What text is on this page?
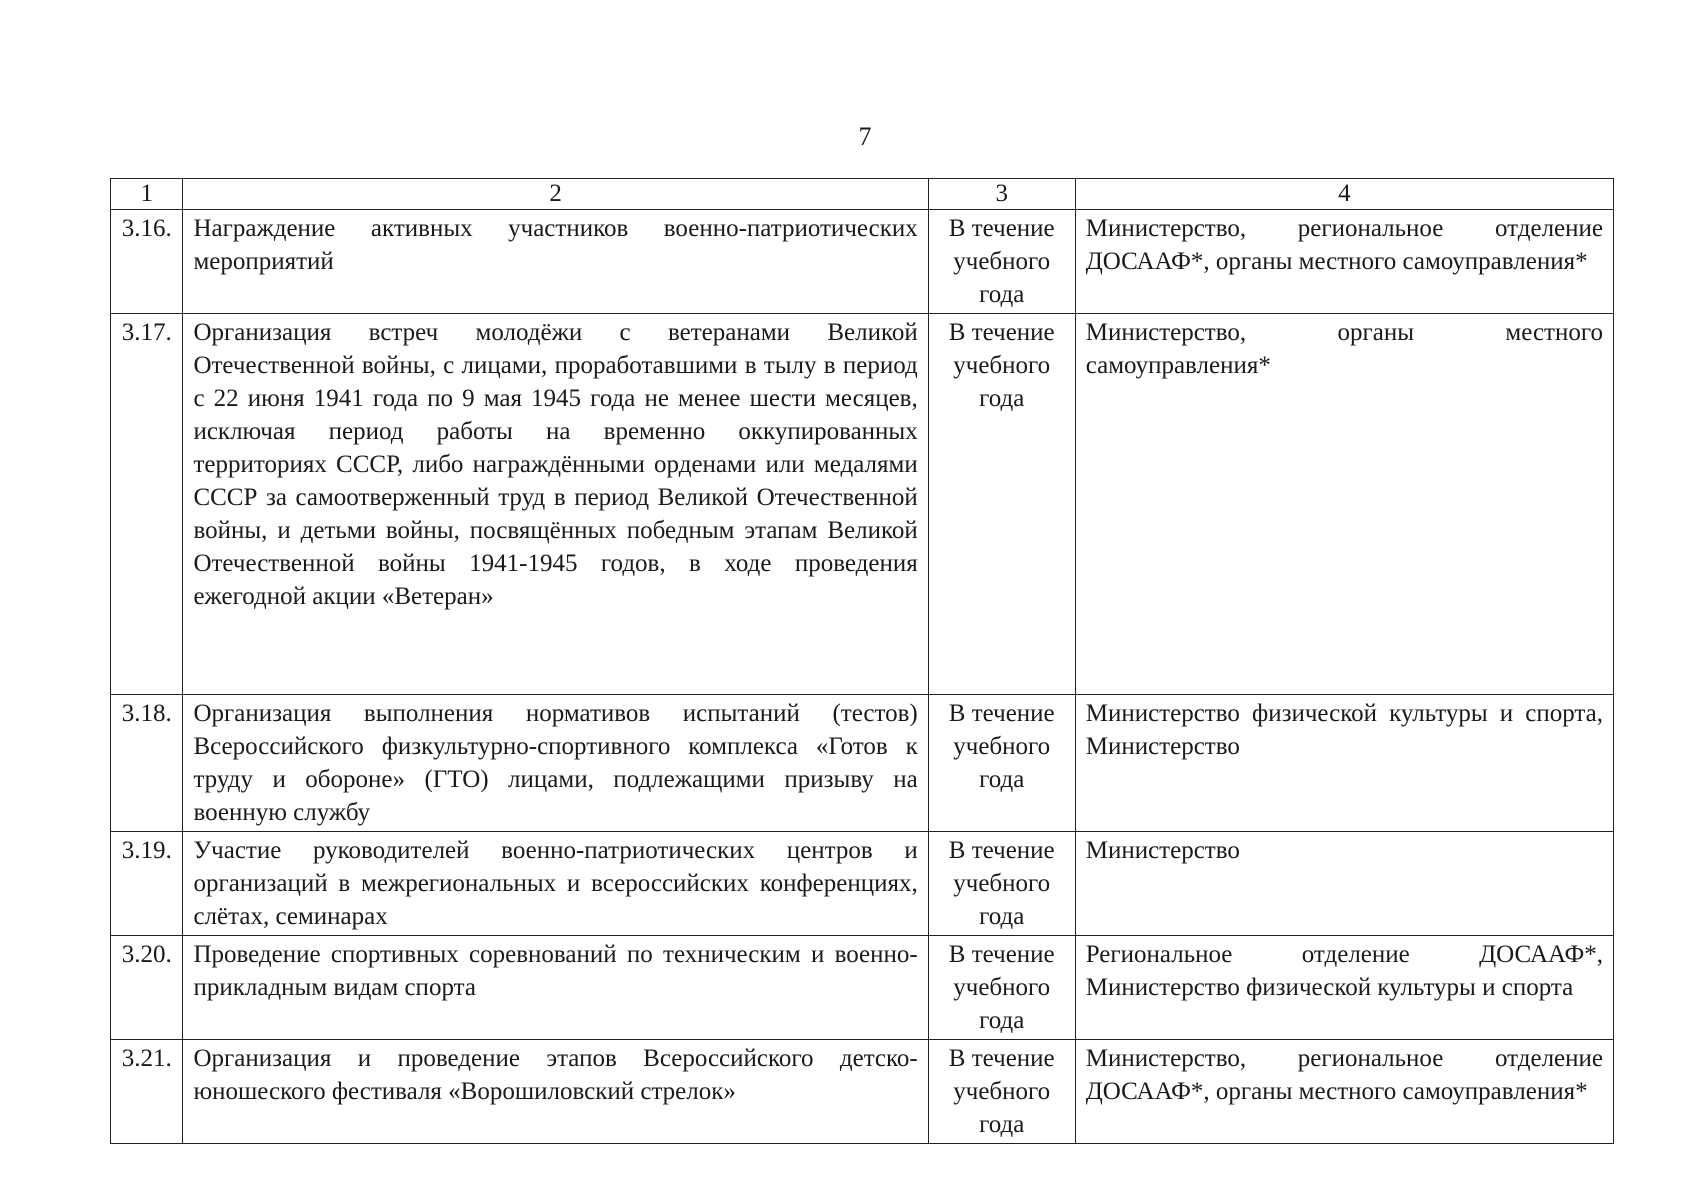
7
1	2	3	4
3.16.	Награждение активных участников военно-патриотических мероприятий	В течение учебного года	Министерство, региональное отделение ДОСААФ*, органы местного самоуправления*
3.17.	Организация встреч молодёжи с ветеранами Великой Отечественной войны, с лицами, проработавшими в тылу в период с 22 июня 1941 года по 9 мая 1945 года не менее шести месяцев, исключая период работы на временно оккупированных территориях СССР, либо награждёнными орденами или медалями СССР за самоотверженный труд в период Великой Отечественной войны, и детьми войны, посвящённых победным этапам Великой Отечественной войны 1941-1945 годов, в ходе проведения ежегодной акции «Ветеран»	В течение учебного года	Министерство, органы местного самоуправления*
3.18.	Организация выполнения нормативов испытаний (тестов) Всероссийского физкультурно-спортивного комплекса «Готов к труду и обороне» (ГТО) лицами, подлежащими призыву на военную службу	В течение учебного года	Министерство физической культуры и спорта, Министерство
3.19.	Участие руководителей военно-патриотических центров и организаций в межрегиональных и всероссийских конференциях, слётах, семинарах	В течение учебного года	Министерство
3.20.	Проведение спортивных соревнований по техническим и военно-прикладным видам спорта	В течение учебного года	Региональное отделение ДОСААФ*, Министерство физической культуры и спорта
3.21.	Организация и проведение этапов Всероссийского детско-юношеского фестиваля «Ворошиловский стрелок»	В течение учебного года	Министерство, региональное отделение ДОСААФ*, органы местного самоуправления*
